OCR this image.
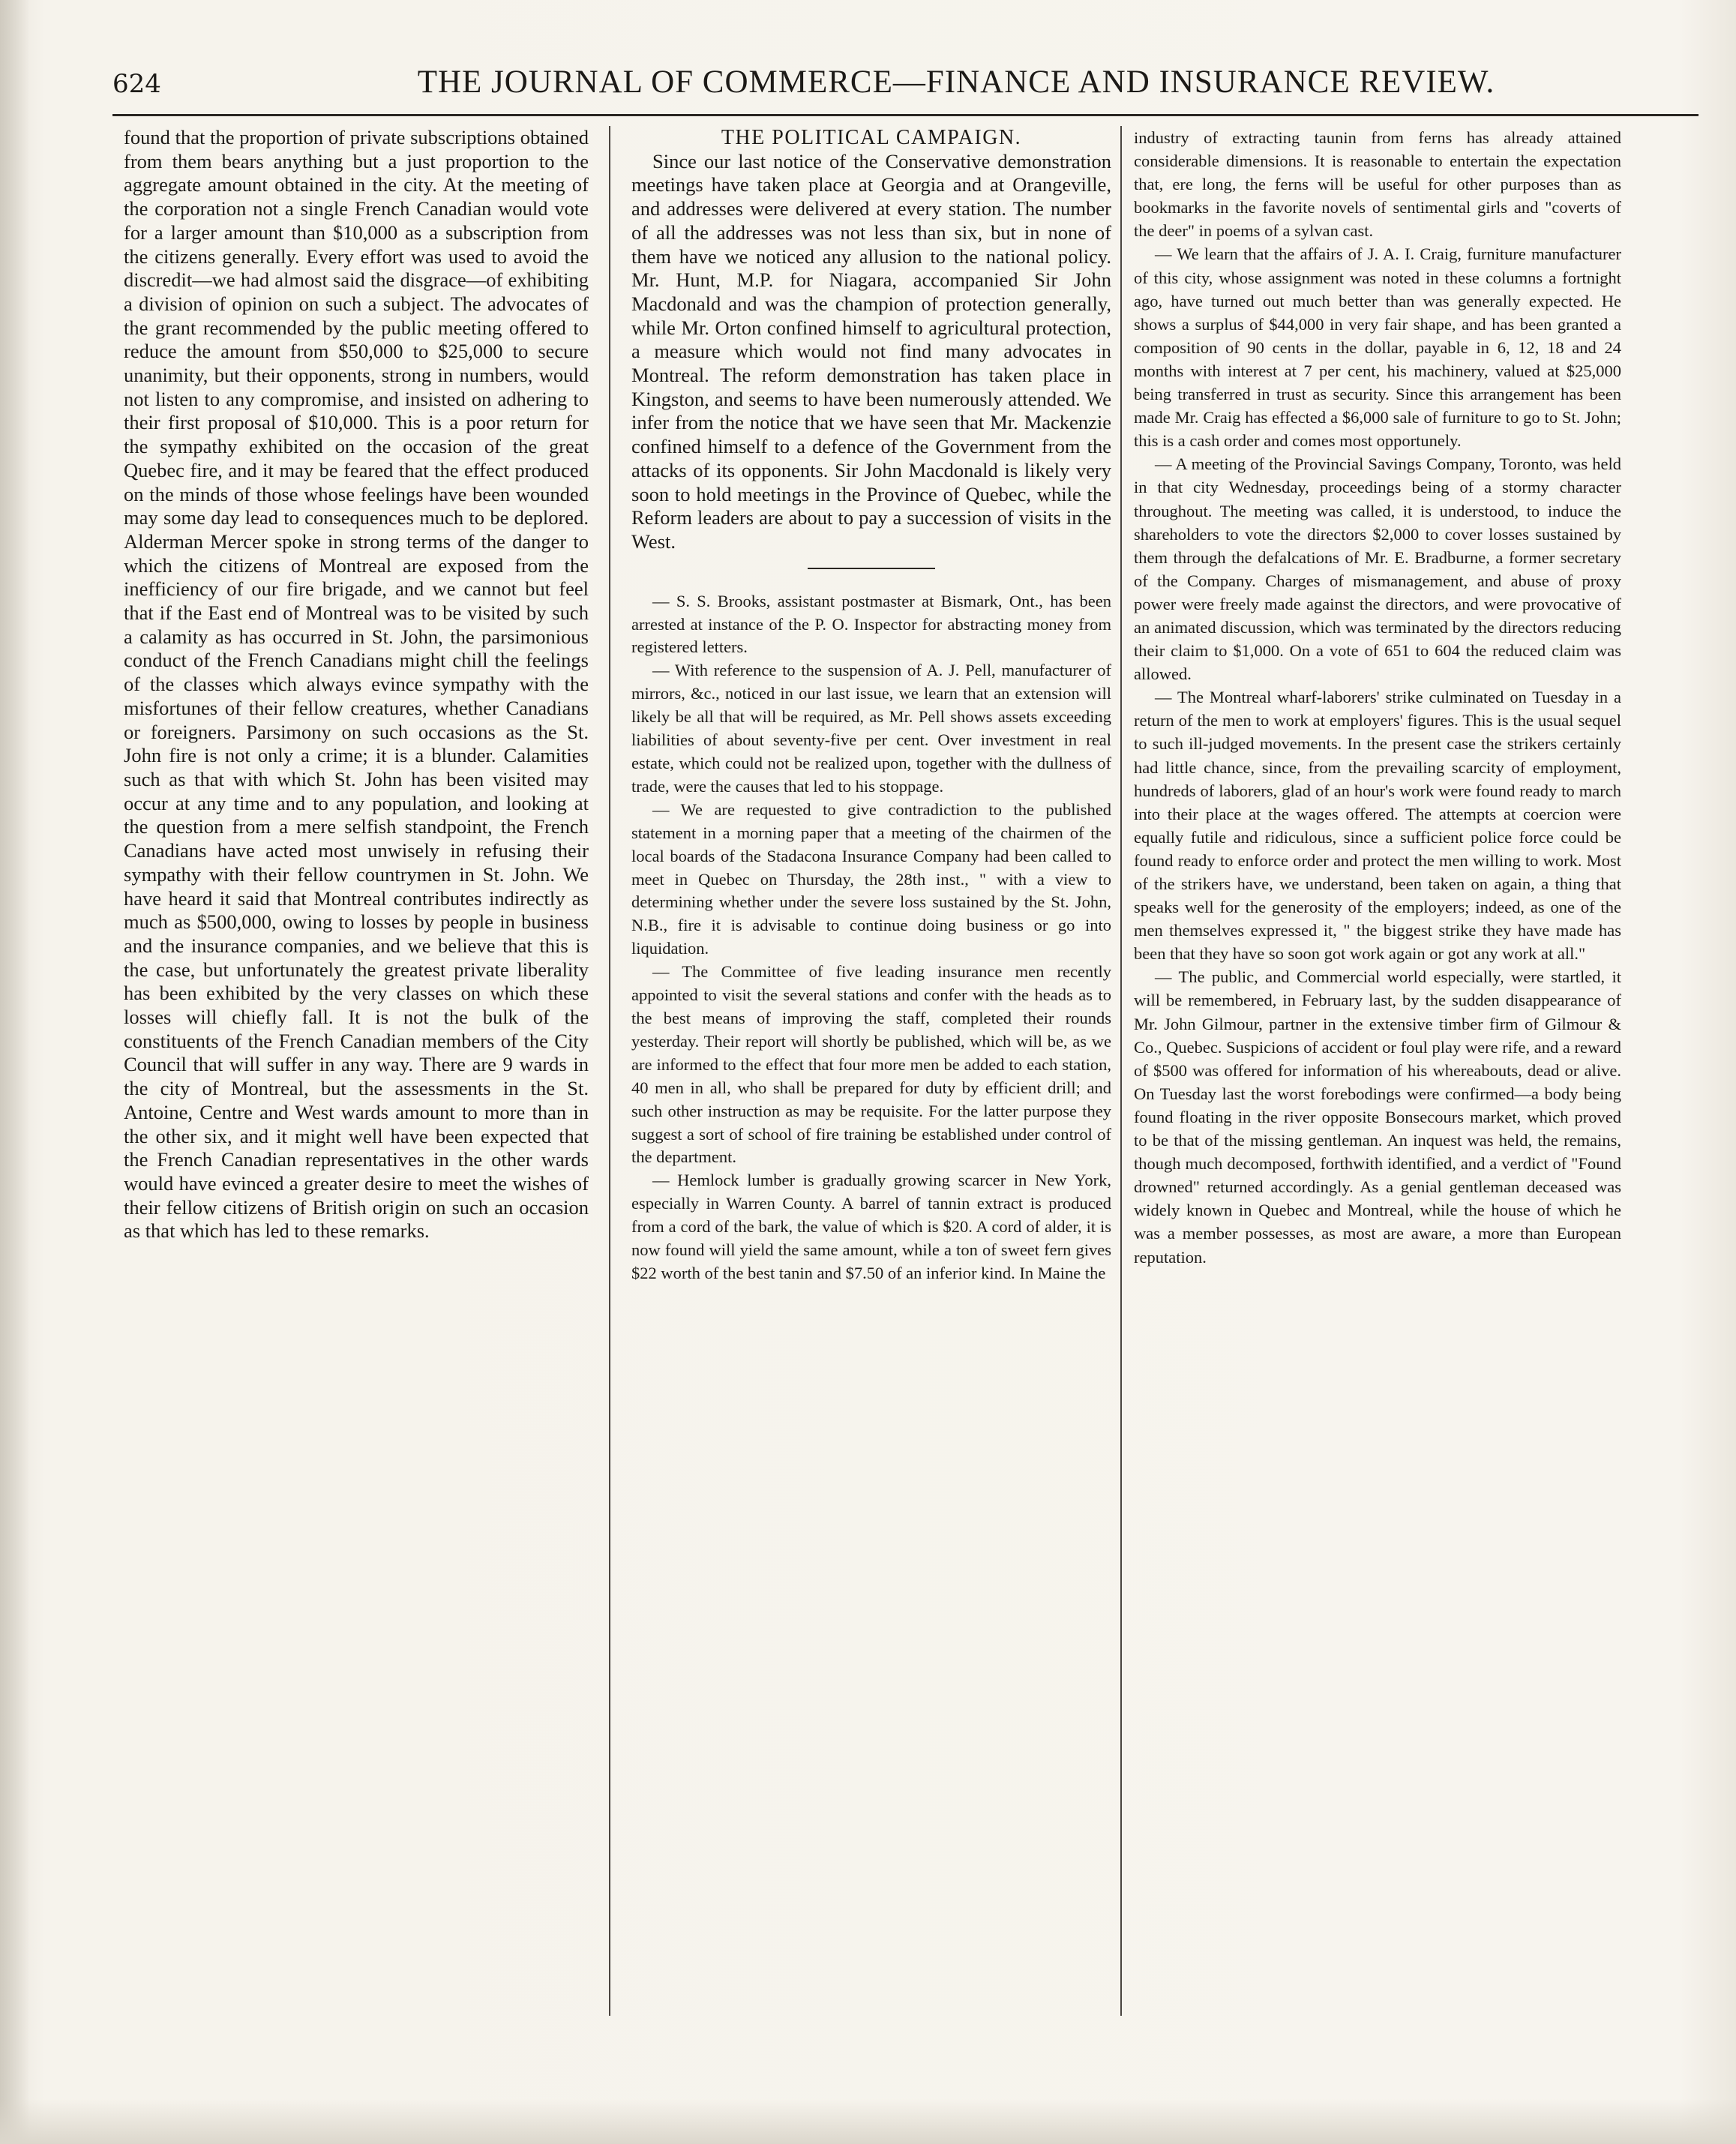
624	THE JOURNAL OF COMMERCE—FINANCE AND INSURANCE REVIEW.

found that the proportion of private subscriptions obtained from them bears anything but a just proportion to the aggregate amount obtained in the city. At the meeting of the corporation not a single French Canadian would vote for a larger amount than $10,000 as a subscription from the citizens generally. Every effort was used to avoid the discredit—we had almost said the disgrace—of exhibiting a division of opinion on such a subject. The advocates of the grant recommended by the public meeting offered to reduce the amount from $50,000 to $25,000 to secure unanimity, but their opponents, strong in numbers, would not listen to any compromise, and insisted on adhering to their first proposal of $10,000. This is a poor return for the sympathy exhibited on the occasion of the great Quebec fire, and it may be feared that the effect produced on the minds of those whose feelings have been wounded may some day lead to consequences much to be deplored. Alderman Mercer spoke in strong terms of the danger to which the citizens of Montreal are exposed from the inefficiency of our fire brigade, and we cannot but feel that if the East end of Montreal was to be visited by such a calamity as has occurred in St. John, the parsimonious conduct of the French Canadians might chill the feelings of the classes which always evince sympathy with the misfortunes of their fellow creatures, whether Canadians or foreigners. Parsimony on such occasions as the St. John fire is not only a crime; it is a blunder. Calamities such as that with which St. John has been visited may occur at any time and to any population, and looking at the question from a mere selfish standpoint, the French Canadians have acted most unwisely in refusing their sympathy with their fellow countrymen in St. John. We have heard it said that Montreal contributes indirectly as much as $500,000, owing to losses by people in business and the insurance companies, and we believe that this is the case, but unfortunately the greatest private liberality has been exhibited by the very classes on which these losses will chiefly fall. It is not the bulk of the constituents of the French Canadian members of the City Council that will suffer in any way. There are 9 wards in the city of Montreal, but the assessments in the St. Antoine, Centre and West wards amount to more than in the other six, and it might well have been expected that the French Canadian representatives in the other wards would have evinced a greater desire to meet the wishes of their fellow citizens of British origin on such an occasion as that which has led to these remarks.

THE POLITICAL CAMPAIGN.

Since our last notice of the Conservative demonstration meetings have taken place at Georgia and at Orangeville, and addresses were delivered at every station. The number of all the addresses was not less than six, but in none of them have we noticed any allusion to the national policy. Mr. Hunt, M.P. for Niagara, accompanied Sir John Macdonald and was the champion of protection generally, while Mr. Orton confined himself to agricultural protection, a measure which would not find many advocates in Montreal. The reform demonstration has taken place in Kingston, and seems to have been numerously attended. We infer from the notice that we have seen that Mr. Mackenzie confined himself to a defence of the Government from the attacks of its opponents. Sir John Macdonald is likely very soon to hold meetings in the Province of Quebec, while the Reform leaders are about to pay a succession of visits in the West.

— S. S. Brooks, assistant postmaster at Bismark, Ont., has been arrested at instance of the P. O. Inspector for abstracting money from registered letters.

— With reference to the suspension of A. J. Pell, manufacturer of mirrors, &c., noticed in our last issue, we learn that an extension will likely be all that will be required, as Mr. Pell shows assets exceeding liabilities of about seventy-five per cent. Over investment in real estate, which could not be realized upon, together with the dullness of trade, were the causes that led to his stoppage.

— We are requested to give contradiction to the published statement in a morning paper that a meeting of the chairmen of the local boards of the Stadacona Insurance Company had been called to meet in Quebec on Thursday, the 28th inst., " with a view to determining whether under the severe loss sustained by the St. John, N.B., fire it is advisable to continue doing business or go into liquidation.

— The Committee of five leading insurance men recently appointed to visit the several stations and confer with the heads as to the best means of improving the staff, completed their rounds yesterday. Their report will shortly be published, which will be, as we are informed to the effect that four more men be added to each station, 40 men in all, who shall be prepared for duty by efficient drill; and such other instruction as may be requisite. For the latter purpose they suggest a sort of school of fire training be established under control of the department.

— Hemlock lumber is gradually growing scarcer in New York, especially in Warren County. A barrel of tannin extract is produced from a cord of the bark, the value of which is $20. A cord of alder, it is now found will yield the same amount, while a ton of sweet fern gives $22 worth of the best tanin and $7.50 of an inferior kind. In Maine the

industry of extracting taunin from ferns has already attained considerable dimensions. It is reasonable to entertain the expectation that, ere long, the ferns will be useful for other purposes than as bookmarks in the favorite novels of sentimental girls and "coverts of the deer" in poems of a sylvan cast.

— We learn that the affairs of J. A. I. Craig, furniture manufacturer of this city, whose assignment was noted in these columns a fortnight ago, have turned out much better than was generally expected. He shows a surplus of $44,000 in very fair shape, and has been granted a composition of 90 cents in the dollar, payable in 6, 12, 18 and 24 months with interest at 7 per cent, his machinery, valued at $25,000 being transferred in trust as security. Since this arrangement has been made Mr. Craig has effected a $6,000 sale of furniture to go to St. John; this is a cash order and comes most opportunely.

— A meeting of the Provincial Savings Company, Toronto, was held in that city Wednesday, proceedings being of a stormy character throughout. The meeting was called, it is understood, to induce the shareholders to vote the directors $2,000 to cover losses sustained by them through the defalcations of Mr. E. Bradburne, a former secretary of the Company. Charges of mismanagement, and abuse of proxy power were freely made against the directors, and were provocative of an animated discussion, which was terminated by the directors reducing their claim to $1,000. On a vote of 651 to 604 the reduced claim was allowed.

— The Montreal wharf-laborers' strike culminated on Tuesday in a return of the men to work at employers' figures. This is the usual sequel to such ill-judged movements. In the present case the strikers certainly had little chance, since, from the prevailing scarcity of employment, hundreds of laborers, glad of an hour's work were found ready to march into their place at the wages offered. The attempts at coercion were equally futile and ridiculous, since a sufficient police force could be found ready to enforce order and protect the men willing to work. Most of the strikers have, we understand, been taken on again, a thing that speaks well for the generosity of the employers; indeed, as one of the men themselves expressed it, " the biggest strike they have made has been that they have so soon got work again or got any work at all."

— The public, and Commercial world especially, were startled, it will be remembered, in February last, by the sudden disappearance of Mr. John Gilmour, partner in the extensive timber firm of Gilmour & Co., Quebec. Suspicions of accident or foul play were rife, and a reward of $500 was offered for information of his whereabouts, dead or alive. On Tuesday last the worst forebodings were confirmed—a body being found floating in the river opposite Bonsecours market, which proved to be that of the missing gentleman. An inquest was held, the remains, though much decomposed, forthwith identified, and a verdict of "Found drowned" returned accordingly. As a genial gentleman deceased was widely known in Quebec and Montreal, while the house of which he was a member possesses, as most are aware, a more than European reputation.
